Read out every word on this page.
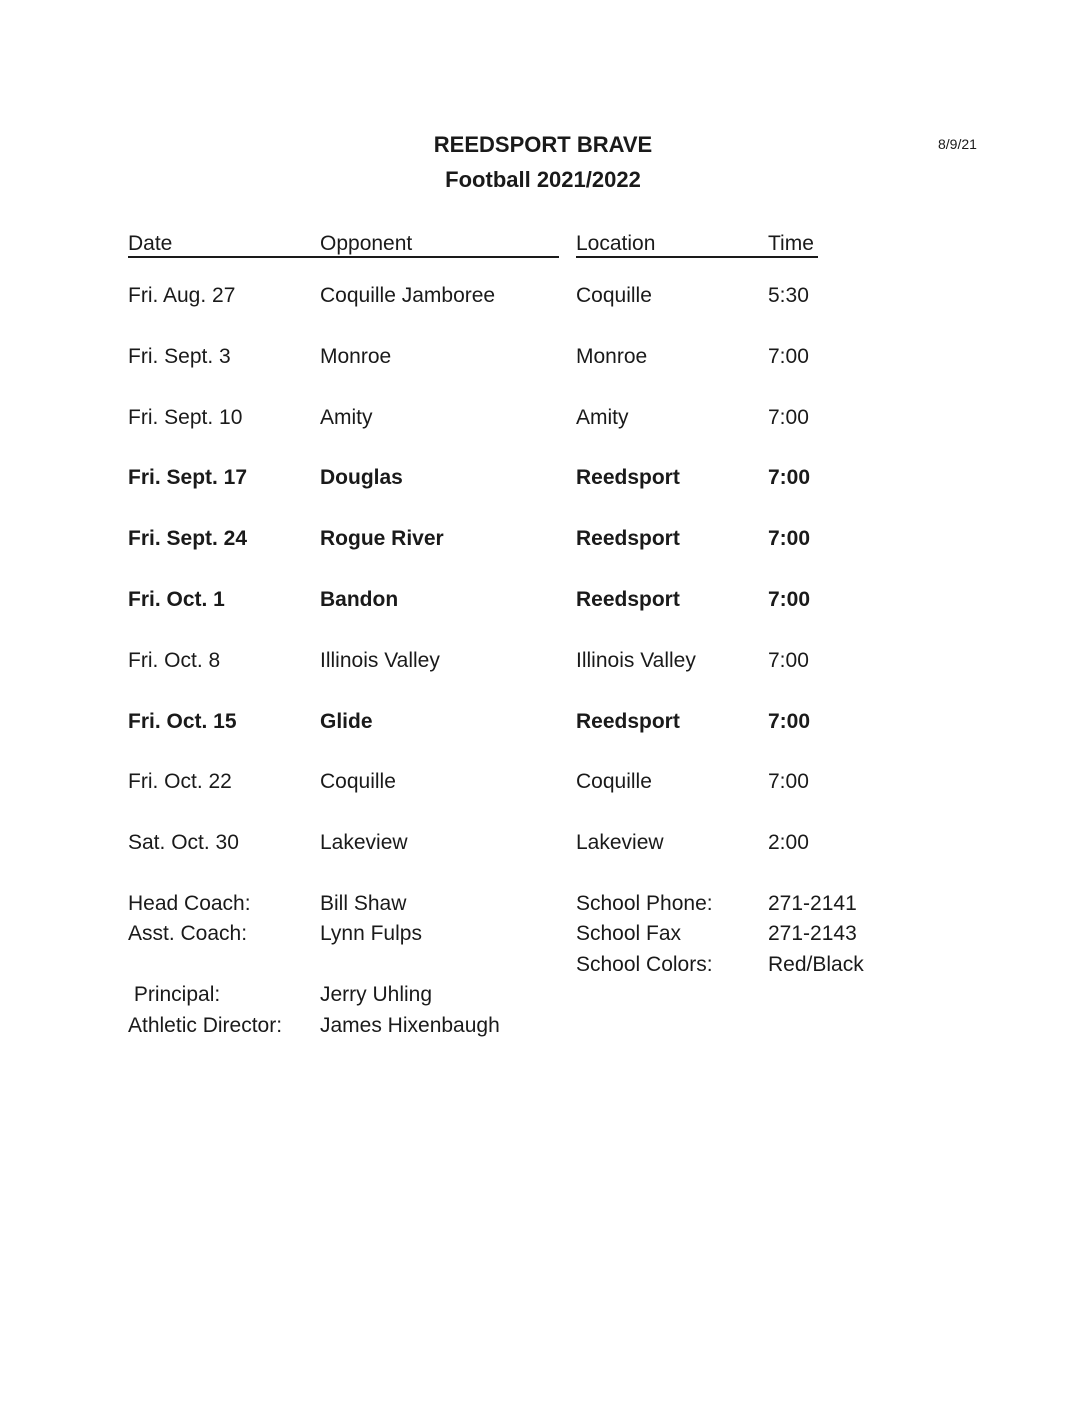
8/9/21
REEDSPORT BRAVE
Football 2021/2022
Date	Opponent	Location	Time
Fri. Aug. 27	Coquille Jamboree	Coquille	5:30
Fri. Sept. 3	Monroe	Monroe	7:00
Fri. Sept. 10	Amity	Amity	7:00
Fri. Sept. 17	Douglas	Reedsport	7:00
Fri. Sept. 24	Rogue River	Reedsport	7:00
Fri. Oct. 1	Bandon	Reedsport	7:00
Fri. Oct. 8	Illinois Valley	Illinois Valley	7:00
Fri. Oct. 15	Glide	Reedsport	7:00
Fri. Oct. 22	Coquille	Coquille	7:00
Sat. Oct. 30	Lakeview	Lakeview	2:00
Head Coach:	Bill Shaw
Asst. Coach:	Lynn Fulps
Principal:	Jerry Uhling
Athletic Director: James Hixenbaugh
School Phone:	271-2141
School Fax	271-2143
School Colors:	Red/Black
